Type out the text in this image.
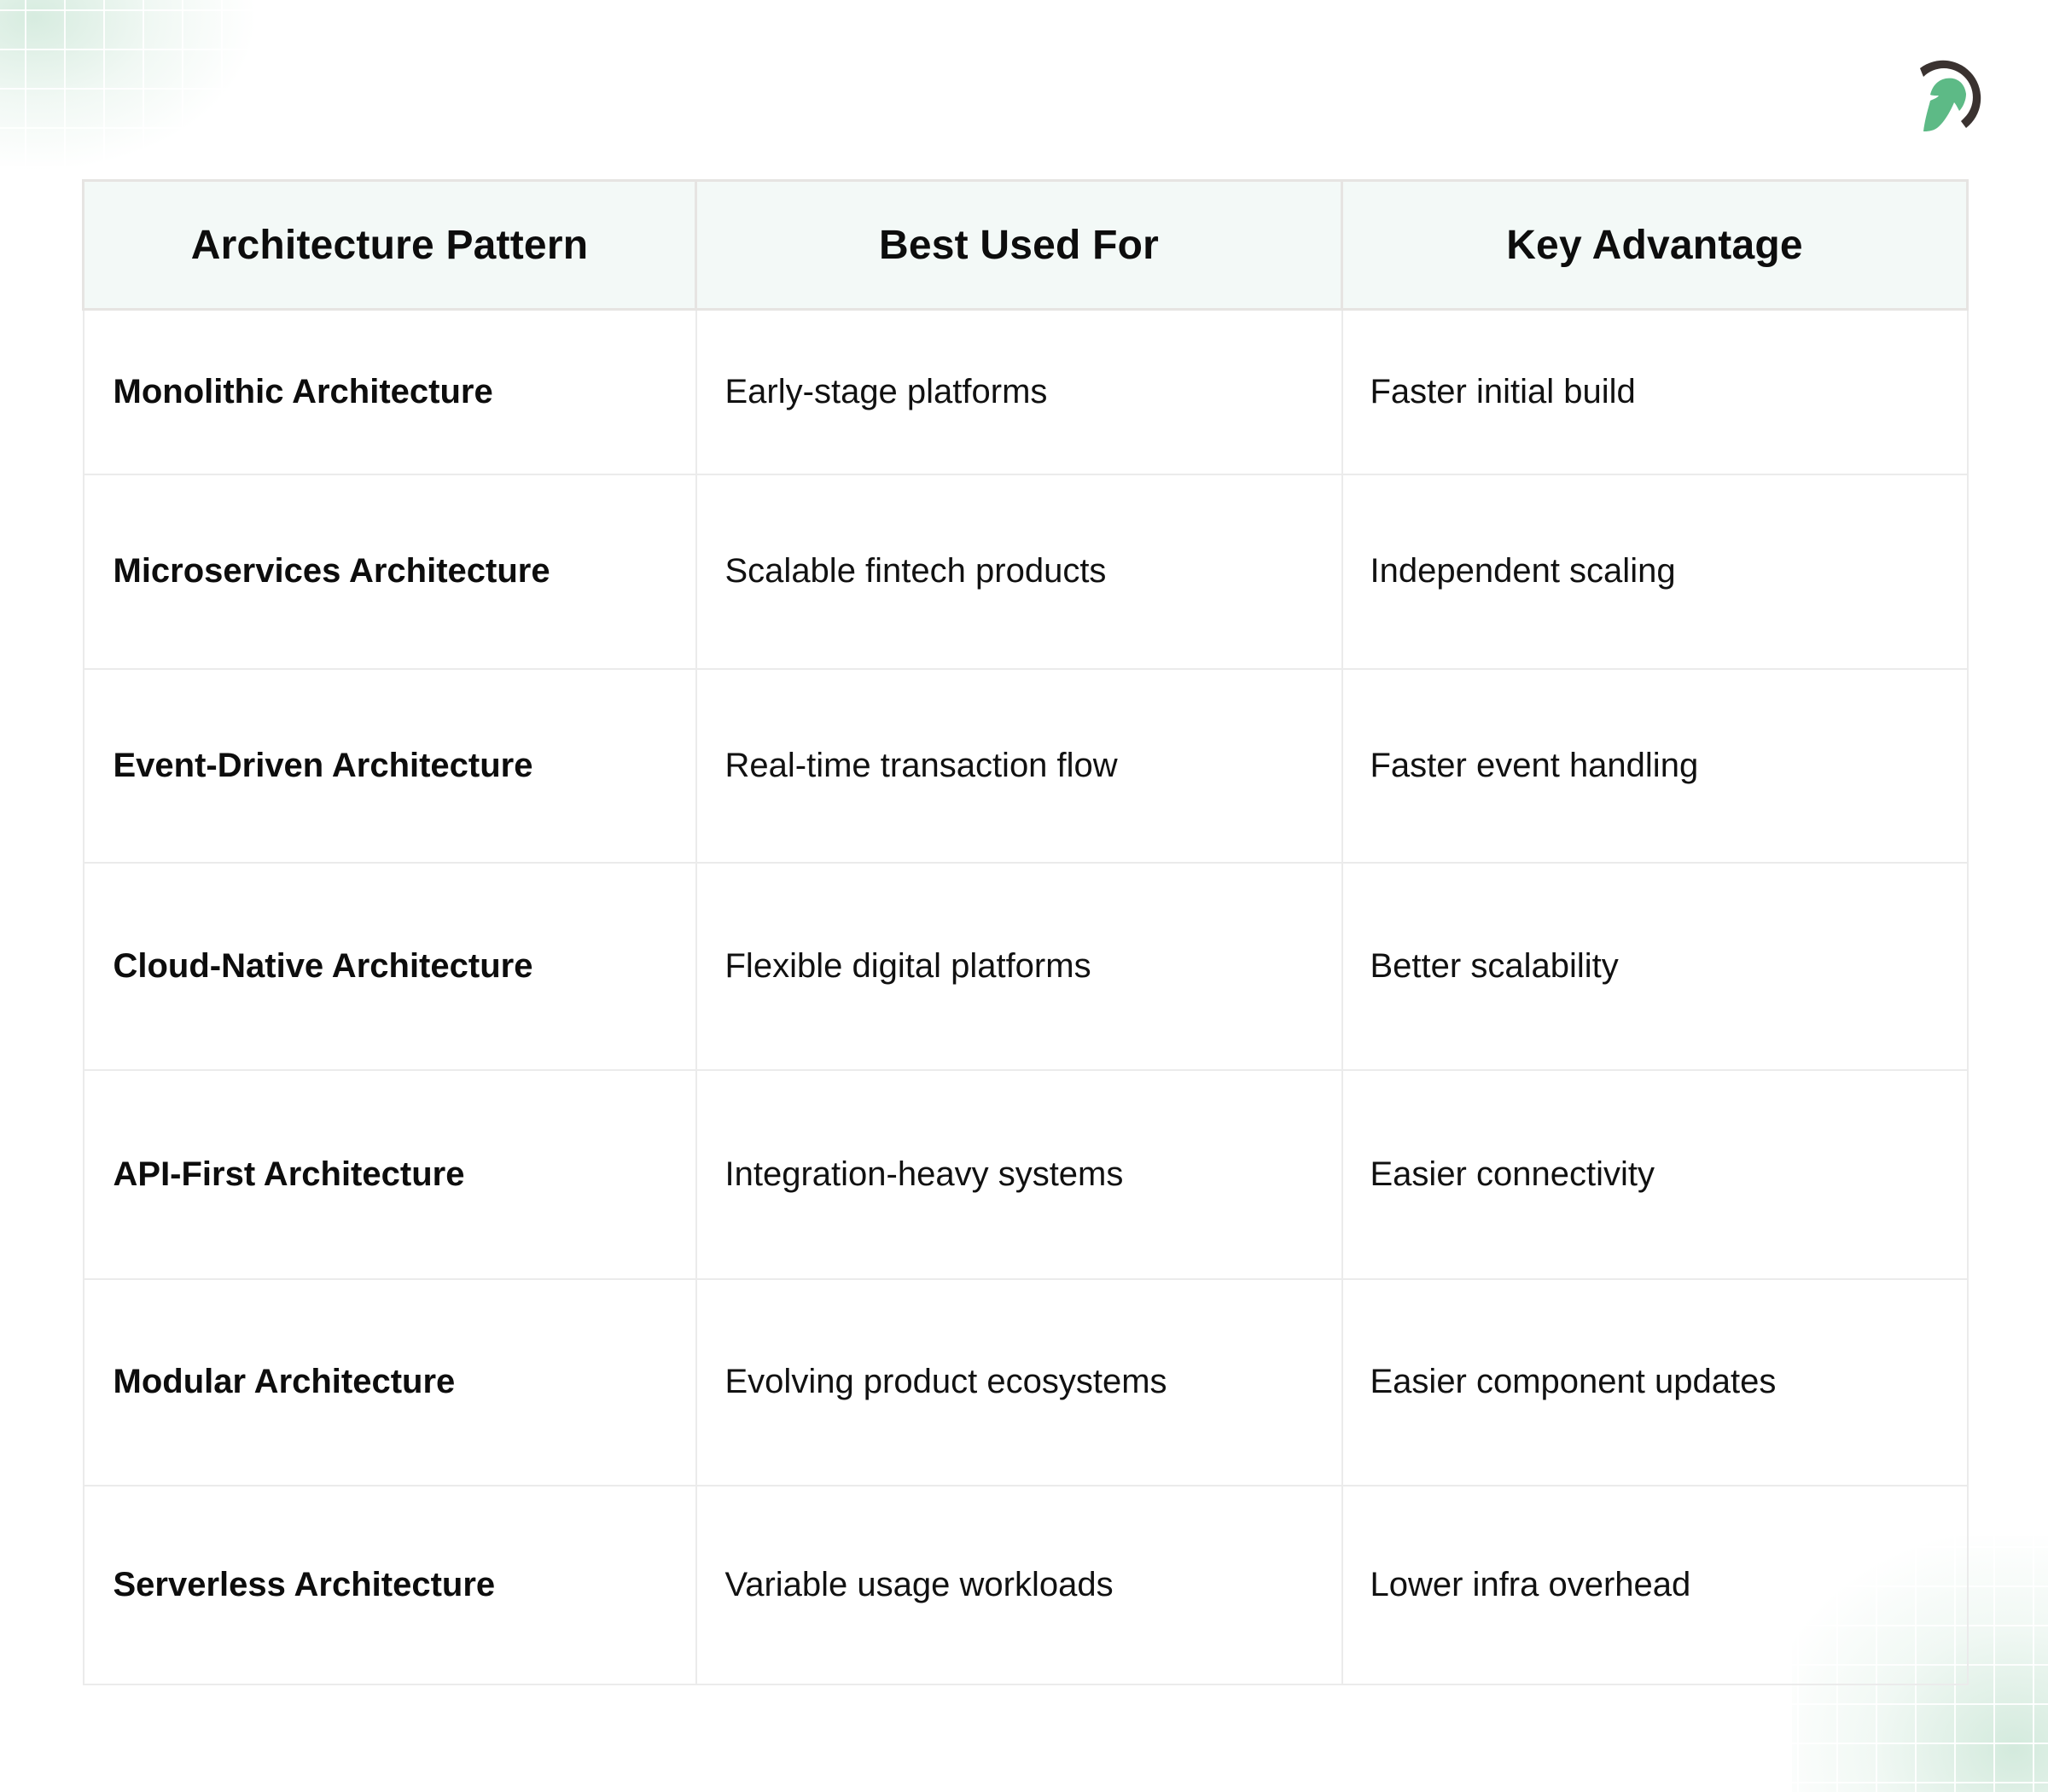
Architecture Pattern	Best Used For	Key Advantage
Monolithic Architecture	Early-stage platforms	Faster initial build
Microservices Architecture	Scalable fintech products	Independent scaling
Event-Driven Architecture	Real-time transaction flow	Faster event handling
Cloud-Native Architecture	Flexible digital platforms	Better scalability
API-First Architecture	Integration-heavy systems	Easier connectivity
Modular Architecture	Evolving product ecosystems	Easier component updates
Serverless Architecture	Variable usage workloads	Lower infra overhead
